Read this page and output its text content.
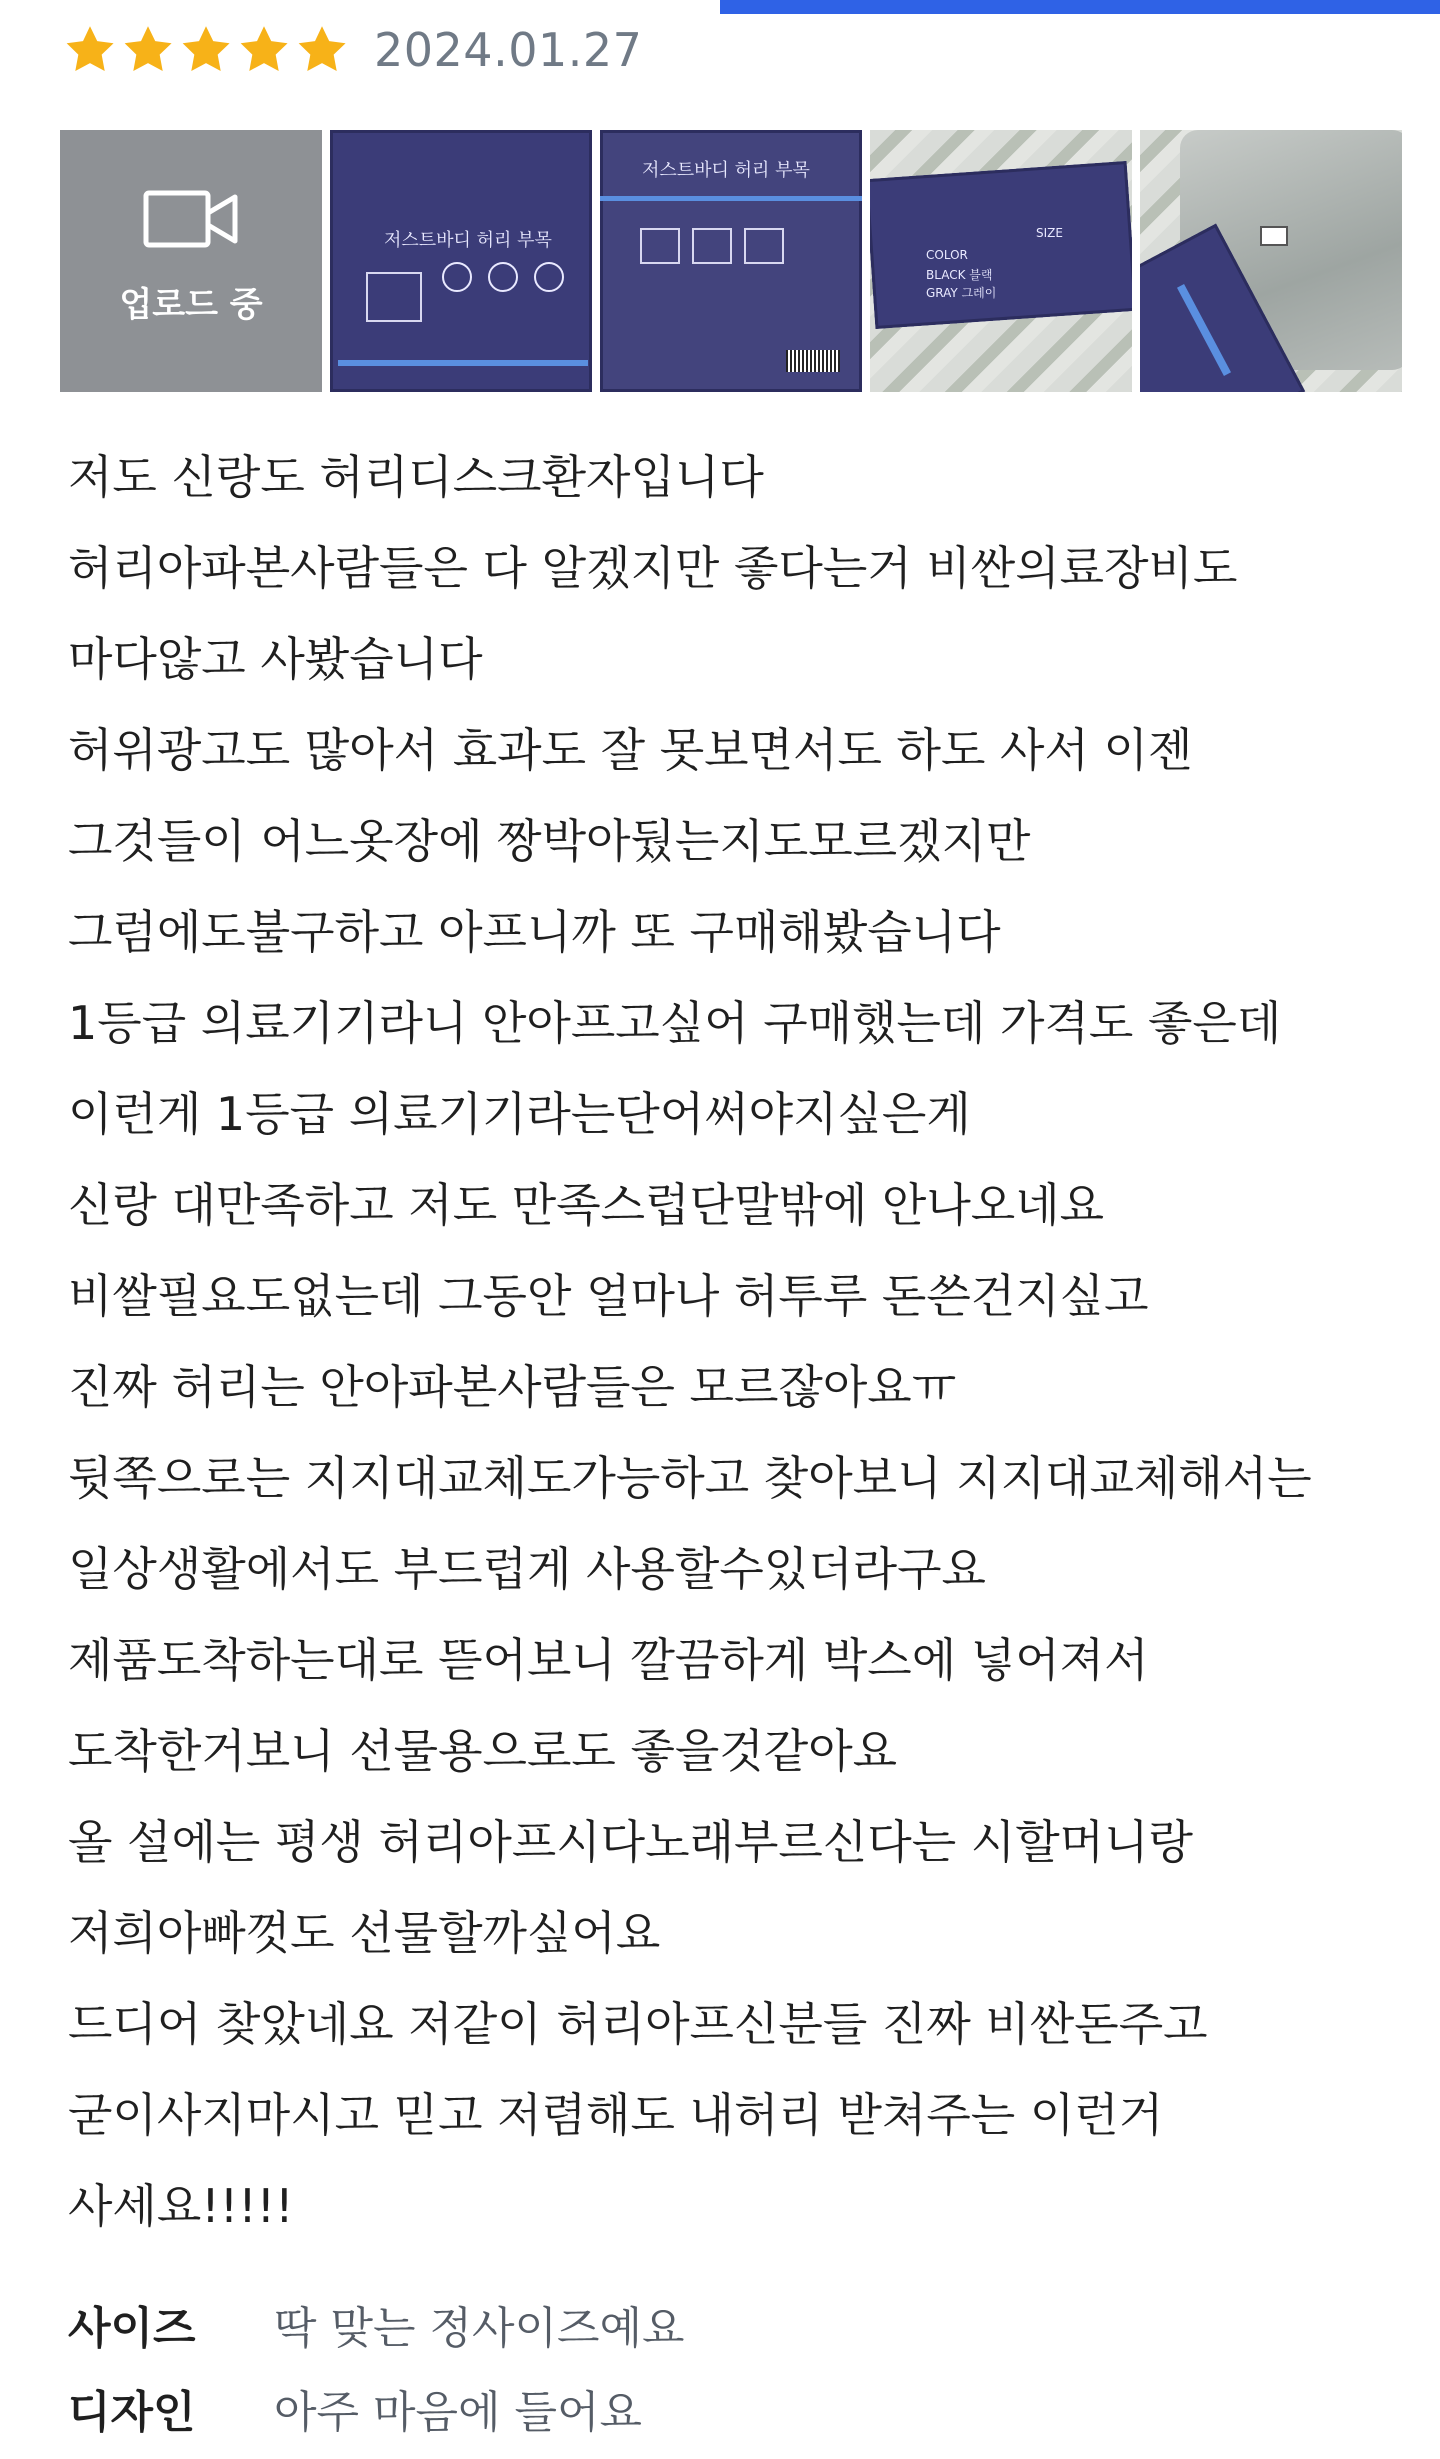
2024.01.27
업로드 중
저스트바디 허리 부목
저스트바디 허리 부목
COLOR
BLACK 블랙
GRAY 그레이
SIZE

저도 신랑도 허리디스크환자입니다

허리아파본사람들은 다 알겠지만 좋다는거 비싼의료장비도

마다않고 사봤습니다

허위광고도 많아서 효과도 잘 못보면서도 하도 사서 이젠

그것들이 어느옷장에 짱박아뒀는지도모르겠지만

그럼에도불구하고 아프니까 또 구매해봤습니다

1등급 의료기기라니 안아프고싶어 구매했는데 가격도 좋은데

이런게 1등급 의료기기라는단어써야지싶은게

신랑 대만족하고 저도 만족스럽단말밖에 안나오네요

비쌀필요도없는데 그동안 얼마나 허투루 돈쓴건지싶고

진짜 허리는 안아파본사람들은 모르잖아요ㅠ

뒷쪽으로는 지지대교체도가능하고 찾아보니 지지대교체해서는

일상생활에서도 부드럽게 사용할수있더라구요

제품도착하는대로 뜯어보니 깔끔하게 박스에 넣어져서

도착한거보니 선물용으로도 좋을것같아요

올 설에는 평생 허리아프시다노래부르신다는 시할머니랑

저희아빠껏도 선물할까싶어요

드디어 찾았네요 저같이 허리아프신분들 진짜 비싼돈주고

굳이사지마시고 믿고 저렴해도 내허리 받쳐주는 이런거

사세요!!!!!

사이즈	딱 맞는 정사이즈예요
디자인	아주 마음에 들어요
